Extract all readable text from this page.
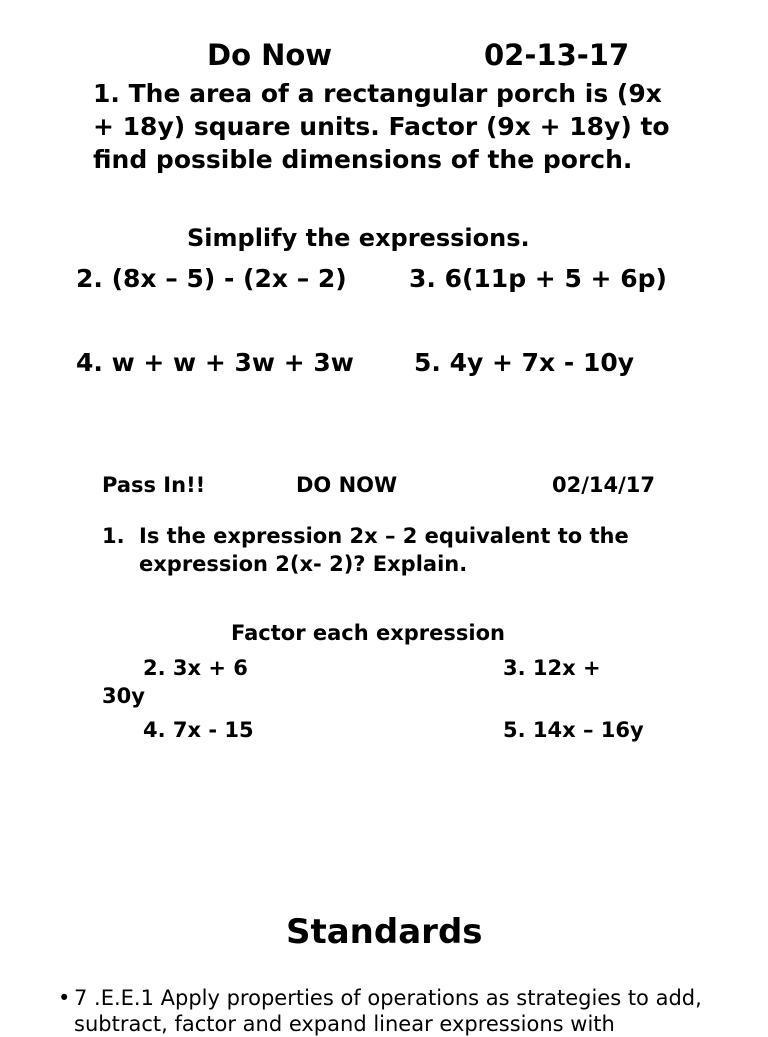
Do Now	02-13-17
1. The area of a rectangular porch is (9x + 18y) square units. Factor (9x + 18y) to find possible dimensions of the porch.
Simplify the expressions.
2. (8x – 5) - (2x – 2) 3. 6(11p + 5 + 6p)
4. w + w + 3w + 3w 5. 4y + 7x - 10y
Pass In!!	DO NOW	02/14/17
1. Is the expression 2x – 2 equivalent to the expression 2(x- 2)? Explain.
Factor each expression
2. 3x + 6	3. 12x +
30y
4. 7x - 15	5. 14x – 16y
Standards
• 7 .E.E.1 Apply properties of operations as strategies to add, subtract, factor and expand linear expressions with
